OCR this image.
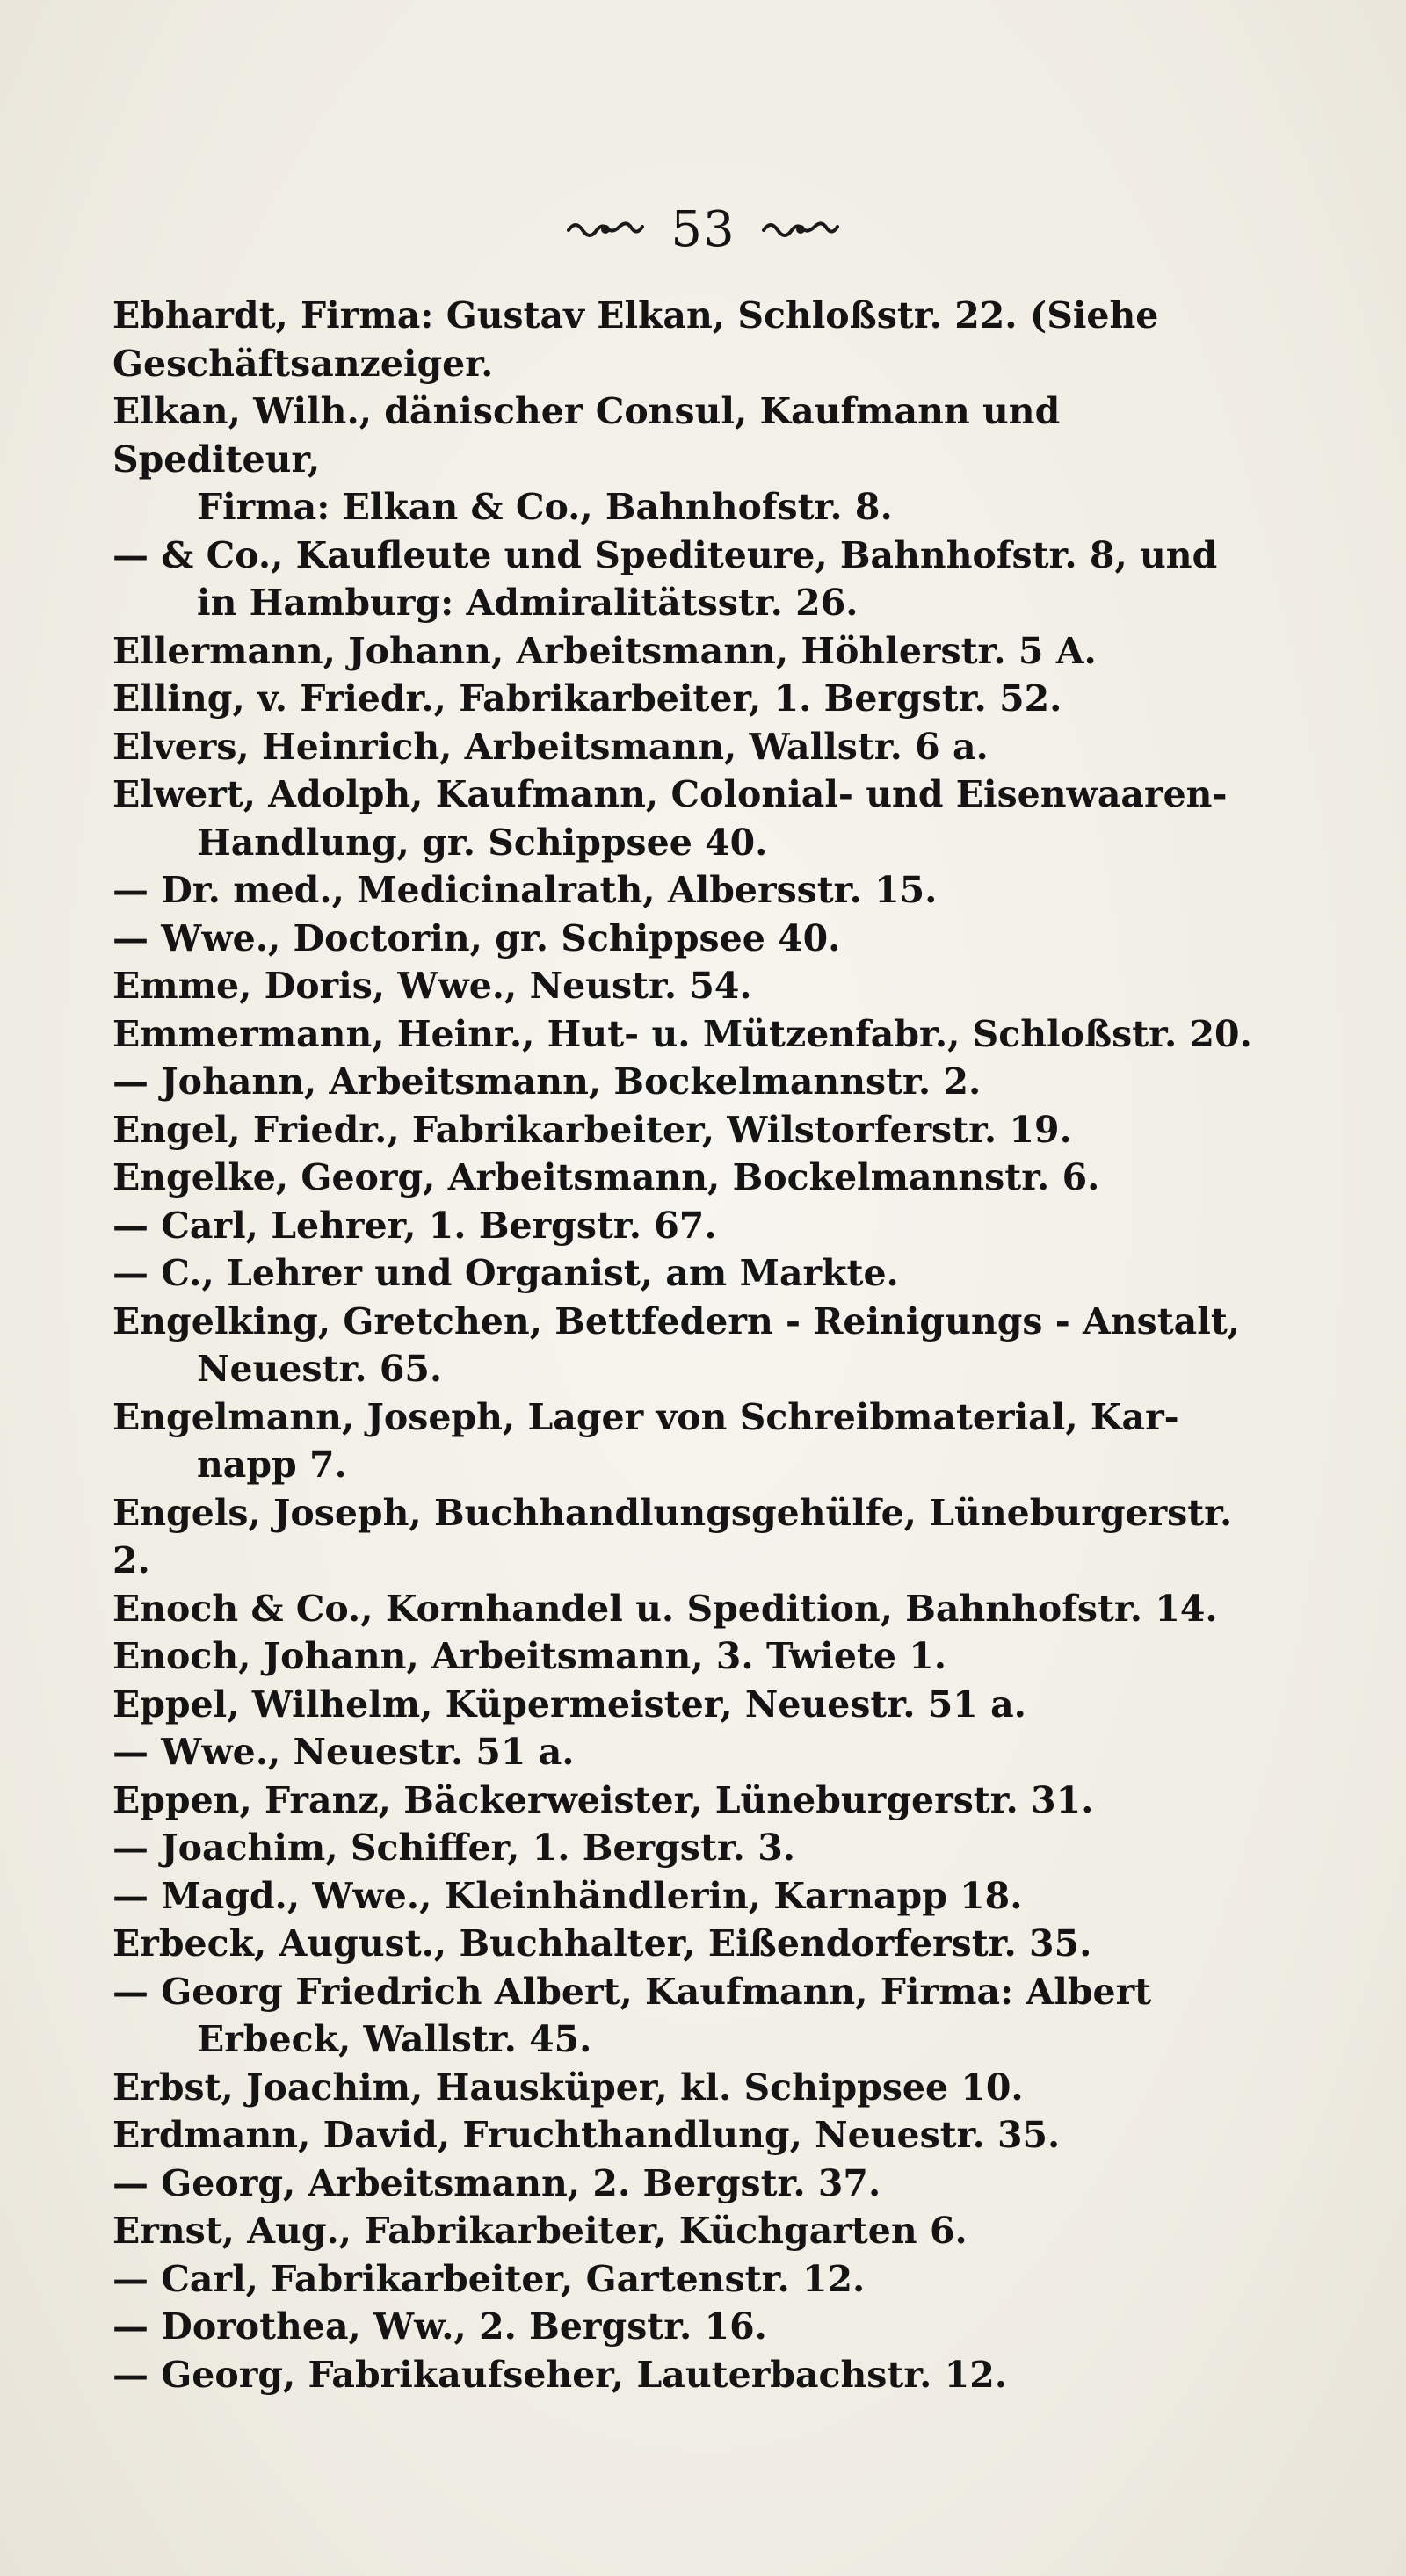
53

Ebhardt, Firma: Gustav Elkan, Schloßstr. 22. (Siehe

Geschäftsanzeiger.

Elkan, Wilh., dänischer Consul, Kaufmann und Spediteur,

Firma: Elkan & Co., Bahnhofstr. 8.

— & Co., Kaufleute und Spediteure, Bahnhofstr. 8, und

in Hamburg: Admiralitätsstr. 26.

Ellermann, Johann, Arbeitsmann, Höhlerstr. 5 A.

Elling, v. Friedr., Fabrikarbeiter, 1. Bergstr. 52.

Elvers, Heinrich, Arbeitsmann, Wallstr. 6 a.

Elwert, Adolph, Kaufmann, Colonial- und Eisenwaaren-

Handlung, gr. Schippsee 40.

— Dr. med., Medicinalrath, Albersstr. 15.

— Wwe., Doctorin, gr. Schippsee 40.

Emme, Doris, Wwe., Neustr. 54.

Emmermann, Heinr., Hut- u. Mützenfabr., Schloßstr. 20.

— Johann, Arbeitsmann, Bockelmannstr. 2.

Engel, Friedr., Fabrikarbeiter, Wilstorferstr. 19.

Engelke, Georg, Arbeitsmann, Bockelmannstr. 6.

— Carl, Lehrer, 1. Bergstr. 67.

— C., Lehrer und Organist, am Markte.

Engelking, Gretchen, Bettfedern - Reinigungs - Anstalt,

Neuestr. 65.

Engelmann, Joseph, Lager von Schreibmaterial, Kar-

napp 7.

Engels, Joseph, Buchhandlungsgehülfe, Lüneburgerstr. 2.

Enoch & Co., Kornhandel u. Spedition, Bahnhofstr. 14.

Enoch, Johann, Arbeitsmann, 3. Twiete 1.

Eppel, Wilhelm, Küpermeister, Neuestr. 51 a.

— Wwe., Neuestr. 51 a.

Eppen, Franz, Bäckerweister, Lüneburgerstr. 31.

— Joachim, Schiffer, 1. Bergstr. 3.

— Magd., Wwe., Kleinhändlerin, Karnapp 18.

Erbeck, August., Buchhalter, Eißendorferstr. 35.

— Georg Friedrich Albert, Kaufmann, Firma: Albert

Erbeck, Wallstr. 45.

Erbst, Joachim, Hausküper, kl. Schippsee 10.

Erdmann, David, Fruchthandlung, Neuestr. 35.

— Georg, Arbeitsmann, 2. Bergstr. 37.

Ernst, Aug., Fabrikarbeiter, Küchgarten 6.

— Carl, Fabrikarbeiter, Gartenstr. 12.

— Dorothea, Ww., 2. Bergstr. 16.

— Georg, Fabrikaufseher, Lauterbachstr. 12.
